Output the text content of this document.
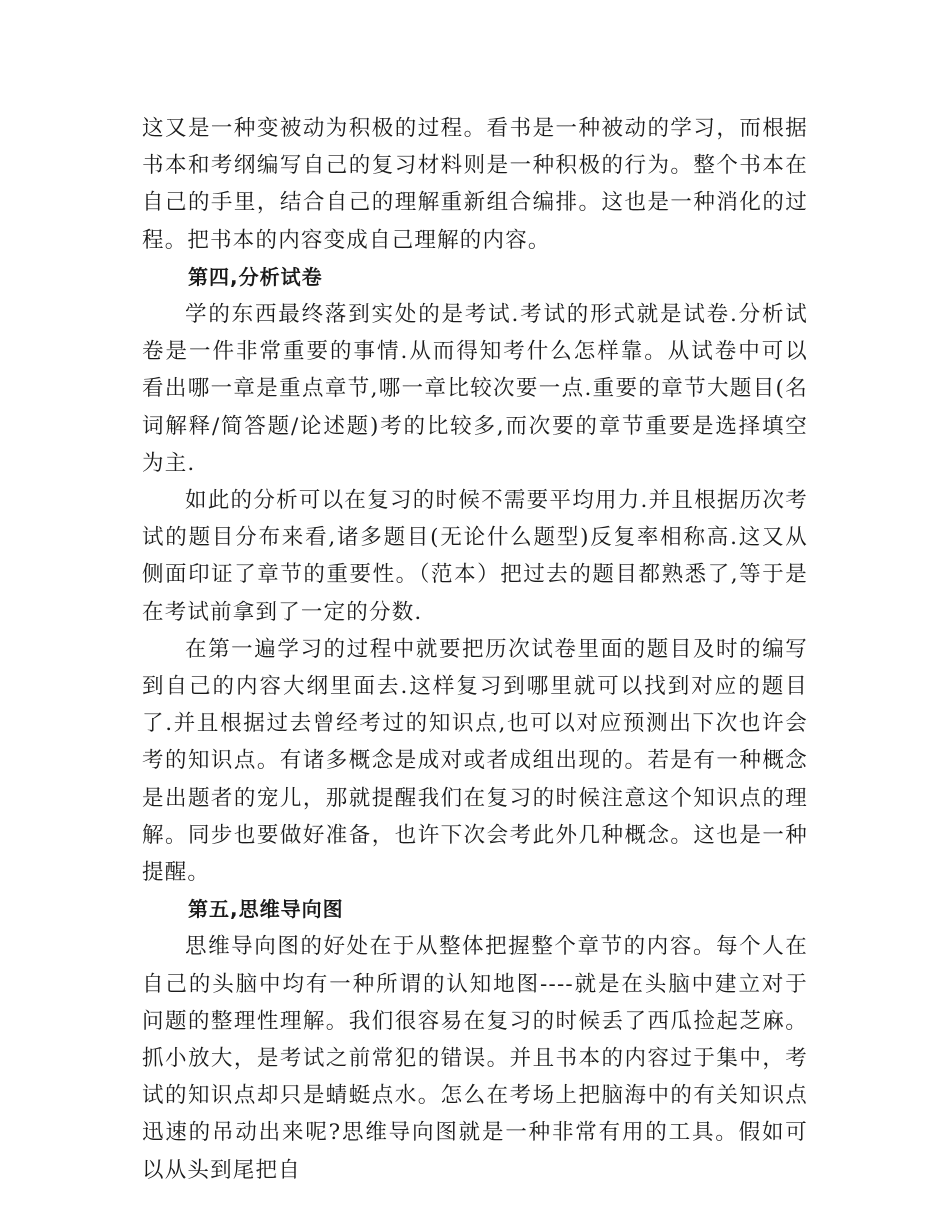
这又是一种变被动为积极的过程。看书是一种被动的学习，而根据书本和考纲编写自己的复习材料则是一种积极的行为。整个书本在自己的手里，结合自己的理解重新组合编排。这也是一种消化的过程。把书本的内容变成自己理解的内容。

第四,分析试卷

学的东西最终落到实处的是考试.考试的形式就是试卷.分析试卷是一件非常重要的事情.从而得知考什么怎样靠。从试卷中可以看出哪一章是重点章节,哪一章比较次要一点.重要的章节大题目(名词解释/简答题/论述题)考的比较多,而次要的章节重要是选择填空为主.

如此的分析可以在复习的时候不需要平均用力.并且根据历次考试的题目分布来看,诸多题目(无论什么题型)反复率相称高.这又从侧面印证了章节的重要性。（范本）把过去的题目都熟悉了,等于是在考试前拿到了一定的分数.

在第一遍学习的过程中就要把历次试卷里面的题目及时的编写到自己的内容大纲里面去.这样复习到哪里就可以找到对应的题目了.并且根据过去曾经考过的知识点,也可以对应预测出下次也许会考的知识点。有诸多概念是成对或者成组出现的。若是有一种概念是出题者的宠儿，那就提醒我们在复习的时候注意这个知识点的理解。同步也要做好准备，也许下次会考此外几种概念。这也是一种提醒。

第五,思维导向图

思维导向图的好处在于从整体把握整个章节的内容。每个人在自己的头脑中均有一种所谓的认知地图----就是在头脑中建立对于问题的整理性理解。我们很容易在复习的时候丢了西瓜捡起芝麻。抓小放大，是考试之前常犯的错误。并且书本的内容过于集中，考试的知识点却只是蜻蜓点水。怎么在考场上把脑海中的有关知识点迅速的吊动出来呢?思维导向图就是一种非常有用的工具。假如可以从头到尾把自
